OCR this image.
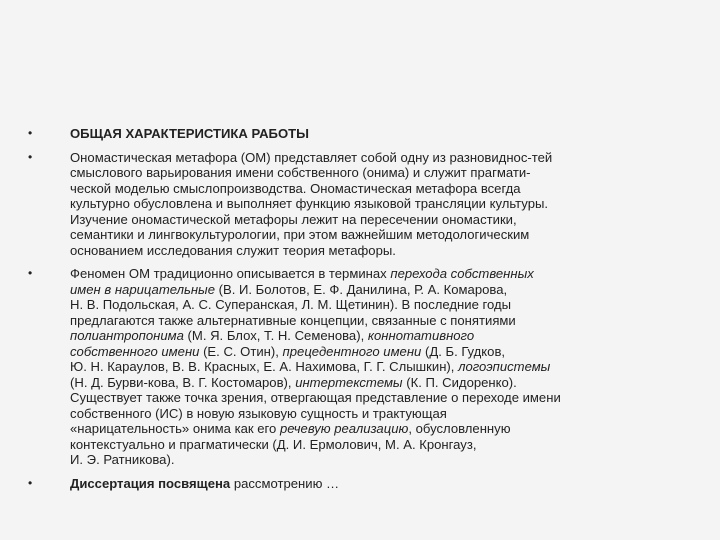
•	ОБЩАЯ ХАРАКТЕРИСТИКА РАБОТЫ
•	Ономастическая метафора (ОМ) представляет собой одну из разновиднос-тей
смыслового варьирования имени собственного (онима) и служит прагмати-
ческой моделью смыслопроизводства. Ономастическая метафора всегда
культурно обусловлена и выполняет функцию языковой трансляции культуры.
Изучение ономастической метафоры лежит на пересечении ономастики,
семантики и лингвокультурологии, при этом важнейшим методологическим
основанием исследования служит теория метафоры.
•	Феномен ОМ традиционно описывается в терминах перехода собственных
имен в нарицательные (В. И. Болотов, Е. Ф. Данилина, Р. А. Комарова,
Н. В. Подольская, А. С. Суперанская, Л. М. Щетинин). В последние годы
предлагаются также альтернативные концепции, связанные с понятиями
полиантропонима (М. Я. Блох, Т. Н. Семенова), коннотативного
собственного имени (Е. С. Отин), прецедентного имени (Д. Б. Гудков,
Ю. Н. Караулов, В. В. Красных, Е. А. Нахимова, Г. Г. Слышкин), логоэпистемы
(Н. Д. Бурви-кова, В. Г. Костомаров), интертекстемы (К. П. Сидоренко).
Существует также точка зрения, отвергающая представление о переходе имени
собственного (ИС) в новую языковую сущность и трактующая
«нарицательность» онима как его речевую реализацию, обусловленную
контекстуально и прагматически (Д. И. Ермолович, М. А. Кронгауз,
И. Э. Ратникова).
•	Диссертация посвящена рассмотрению …
